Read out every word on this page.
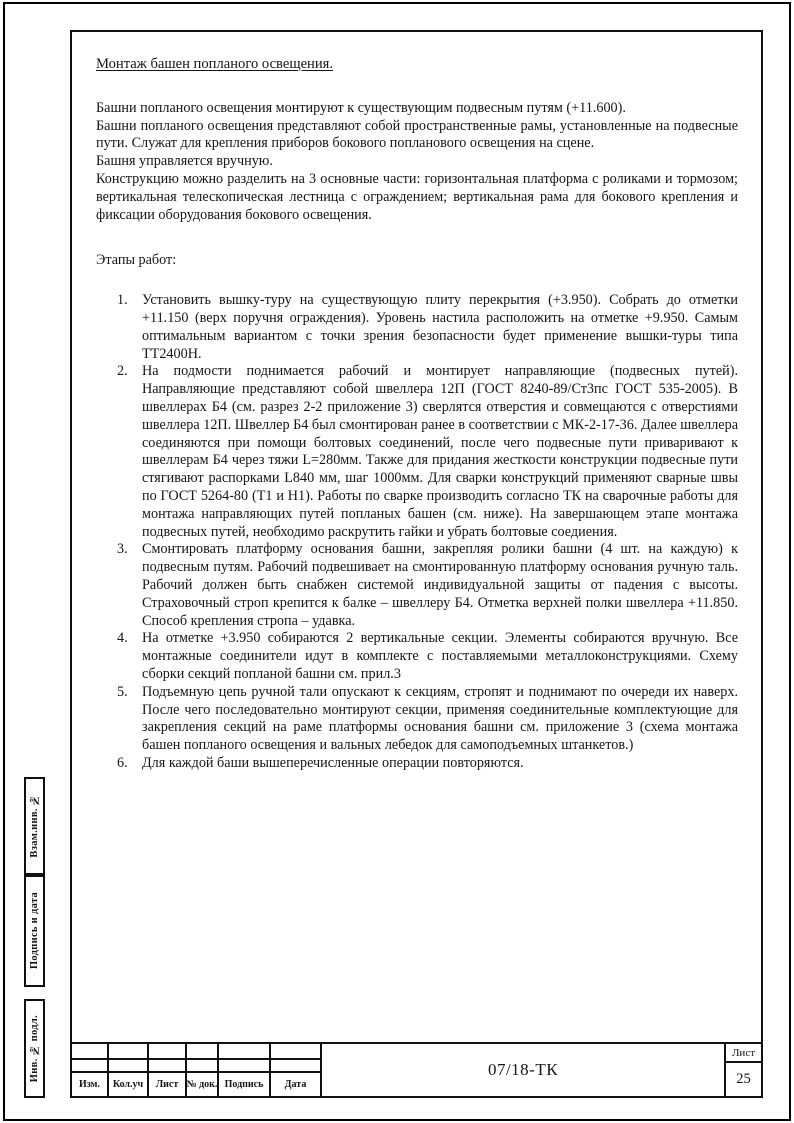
Монтаж башен попланого освещения.

Башни попланого освещения монтируют к существующим подвесным путям (+11.600).

Башни попланого освещения представляют собой пространственные рамы, установленные на подвесные пути. Служат для крепления приборов бокового попланового освещения на сцене.

Башня управляется вручную.

Конструкцию можно разделить на 3 основные части: горизонтальная платформа с роликами и тормозом; вертикальная телескопическая лестница с ограждением; вертикальная рама для бокового крепления и фиксации оборудования бокового освещения.

Этапы работ:

1. Установить вышку-туру на существующую плиту перекрытия (+3.950). Собрать до отметки +11.150 (верх поручня ограждения). Уровень настила расположить на отметке +9.950. Самым оптимальным вариантом с точки зрения безопасности будет применение вышки-туры типа ТТ2400Н.
2. На подмости поднимается рабочий и монтирует направляющие (подвесных путей). Направляющие представляют собой швеллера 12П (ГОСТ 8240-89/Ст3пс ГОСТ 535-2005). В швеллерах Б4 (см. разрез 2-2 приложение 3) сверлятся отверстия и совмещаются с отверстиями швеллера 12П. Швеллер Б4 был смонтирован ранее в соответствии с МК-2-17-36. Далее швеллера соединяются при помощи болтовых соединений, после чего подвесные пути приваривают к швеллерам Б4 через тяжи L=280мм. Также для придания жесткости конструкции подвесные пути стягивают распорками L840 мм, шаг 1000мм. Для сварки конструкций применяют сварные швы по ГОСТ 5264-80 (Т1 и Н1). Работы по сварке производить согласно ТК на сварочные работы для монтажа направляющих путей попланых башен (см. ниже). На завершающем этапе монтажа подвесных путей, необходимо раскрутить гайки и убрать болтовые соедиения.
3. Смонтировать платформу основания башни, закрепляя ролики башни (4 шт. на каждую) к подвесным путям. Рабочий подвешивает на смонтированную платформу основания ручную таль. Рабочий должен быть снабжен системой индивидуальной защиты от падения с высоты. Страховочный строп крепится к балке – швеллеру Б4. Отметка верхней полки швеллера +11.850. Способ крепления стропа – удавка.
4. На отметке +3.950 собираются 2 вертикальные секции. Элементы собираются вручную. Все монтажные соединители идут в комплекте с поставляемыми металлоконструкциями. Схему сборки секций попланой башни см. прил.3
5. Подъемную цепь ручной тали опускают к секциям, стропят и поднимают по очереди их наверх. После чего последовательно монтируют секции, применяя соединительные комплектующие для закрепления секций на раме платформы основания башни см. приложение 3 (схема монтажа башен попланого освещения и вальных лебедок для самоподъемных штанкетов.)
6. Для каждой баши вышеперечисленные операции повторяются.
Взам.инв. №
Подпись и дата
Инв. № подл.
Изм. Кол.уч Лист № док. Подпись Дата
07/18-ТК
Лист
25
